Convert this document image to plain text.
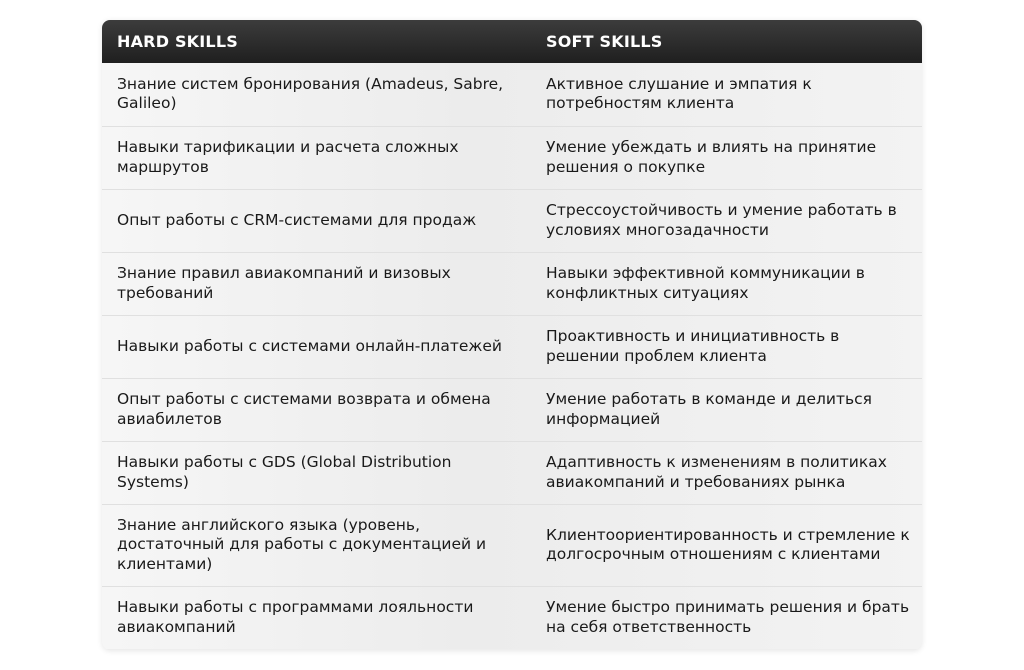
HARD SKILLS	SOFT SKILLS
Знание систем бронирования (Amadeus, Sabre, Galileo)	Активное слушание и эмпатия к потребностям клиента
Навыки тарификации и расчета сложных маршрутов	Умение убеждать и влиять на принятие решения о покупке
Опыт работы с CRM-системами для продаж	Стрессоустойчивость и умение работать в условиях многозадачности
Знание правил авиакомпаний и визовых требований	Навыки эффективной коммуникации в конфликтных ситуациях
Навыки работы с системами онлайн-платежей	Проактивность и инициативность в решении проблем клиента
Опыт работы с системами возврата и обмена авиабилетов	Умение работать в команде и делиться информацией
Навыки работы с GDS (Global Distribution Systems)	Адаптивность к изменениям в политиках авиакомпаний и требованиях рынка
Знание английского языка (уровень, достаточный для работы с документацией и клиентами)	Клиентоориентированность и стремление к долгосрочным отношениям с клиентами
Навыки работы с программами лояльности авиакомпаний	Умение быстро принимать решения и брать на себя ответственность
